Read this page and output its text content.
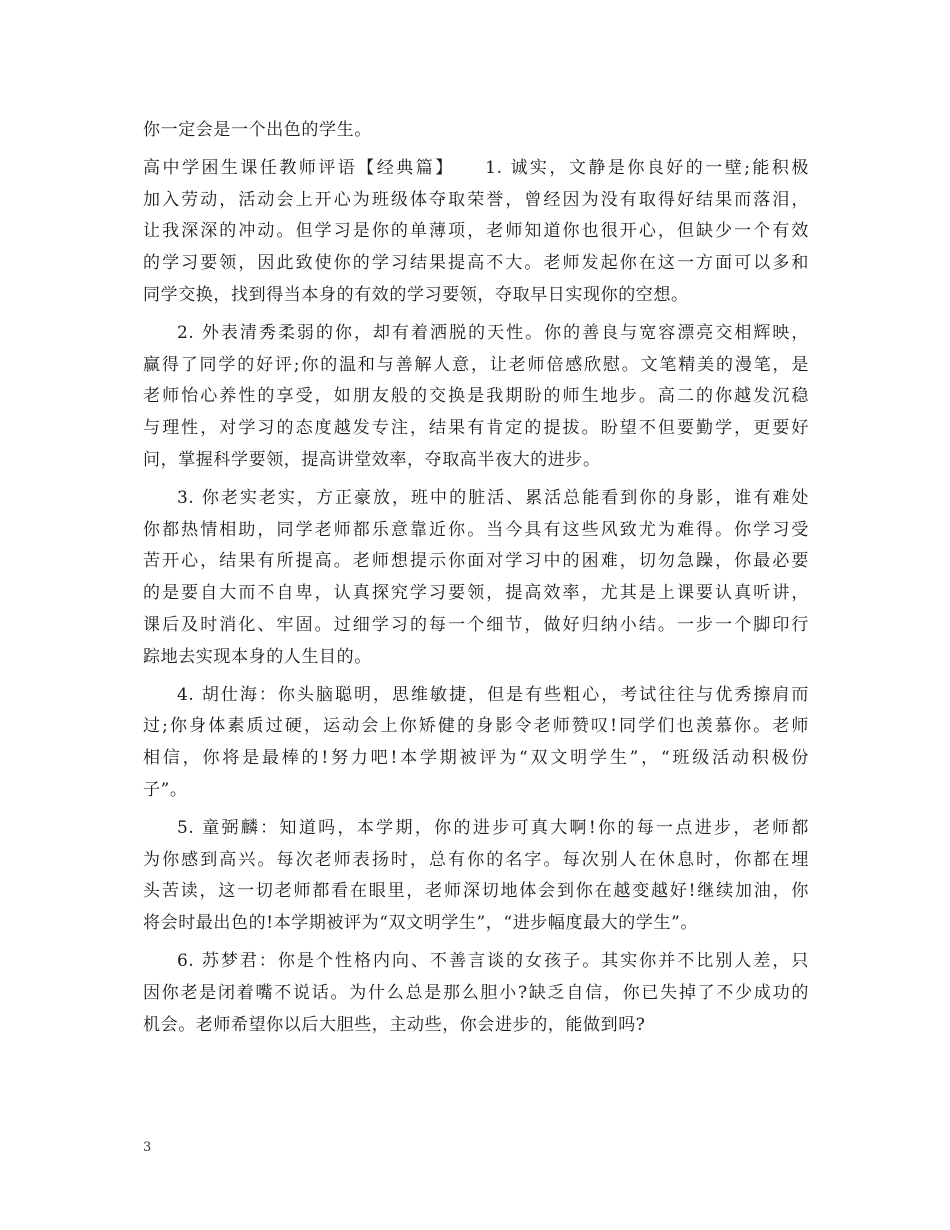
你一定会是一个出色的学生。
高中学困生课任教师评语【经典篇】　　1. 诚实，文静是你良好的一壁;能积极
加入劳动，活动会上开心为班级体夺取荣誉，曾经因为没有取得好结果而落泪，
让我深深的冲动。但学习是你的单薄项，老师知道你也很开心，但缺少一个有效
的学习要领，因此致使你的学习结果提高不大。老师发起你在这一方面可以多和
同学交换，找到得当本身的有效的学习要领，夺取早日实现你的空想。
2. 外表清秀柔弱的你，却有着洒脱的天性。你的善良与宽容漂亮交相辉映，
赢得了同学的好评;你的温和与善解人意，让老师倍感欣慰。文笔精美的漫笔，是
老师怡心养性的享受，如朋友般的交换是我期盼的师生地步。高二的你越发沉稳
与理性，对学习的态度越发专注，结果有肯定的提拔。盼望不但要勤学，更要好
问，掌握科学要领，提高讲堂效率，夺取高半夜大的进步。
3. 你老实老实，方正豪放，班中的脏活、累活总能看到你的身影，谁有难处
你都热情相助，同学老师都乐意靠近你。当今具有这些风致尤为难得。你学习受
苦开心，结果有所提高。老师想提示你面对学习中的困难，切勿急躁，你最必要
的是要自大而不自卑，认真探究学习要领，提高效率，尤其是上课要认真听讲，
课后及时消化、牢固。过细学习的每一个细节，做好归纳小结。一步一个脚印行
踪地去实现本身的人生目的。
4. 胡仕海：你头脑聪明，思维敏捷，但是有些粗心，考试往往与优秀擦肩而
过;你身体素质过硬，运动会上你矫健的身影令老师赞叹!同学们也羡慕你。老师
相信，你将是最棒的!努力吧!本学期被评为“双文明学生”，“班级活动积极份
子”。
5. 童弼麟：知道吗，本学期，你的进步可真大啊!你的每一点进步，老师都
为你感到高兴。每次老师表扬时，总有你的名字。每次别人在休息时，你都在埋
头苦读，这一切老师都看在眼里，老师深切地体会到你在越变越好!继续加油，你
将会时最出色的!本学期被评为“双文明学生”，“进步幅度最大的学生”。
6. 苏梦君：你是个性格内向、不善言谈的女孩子。其实你并不比别人差，只
因你老是闭着嘴不说话。为什么总是那么胆小?缺乏自信，你已失掉了不少成功的
机会。老师希望你以后大胆些，主动些，你会进步的，能做到吗?
3
